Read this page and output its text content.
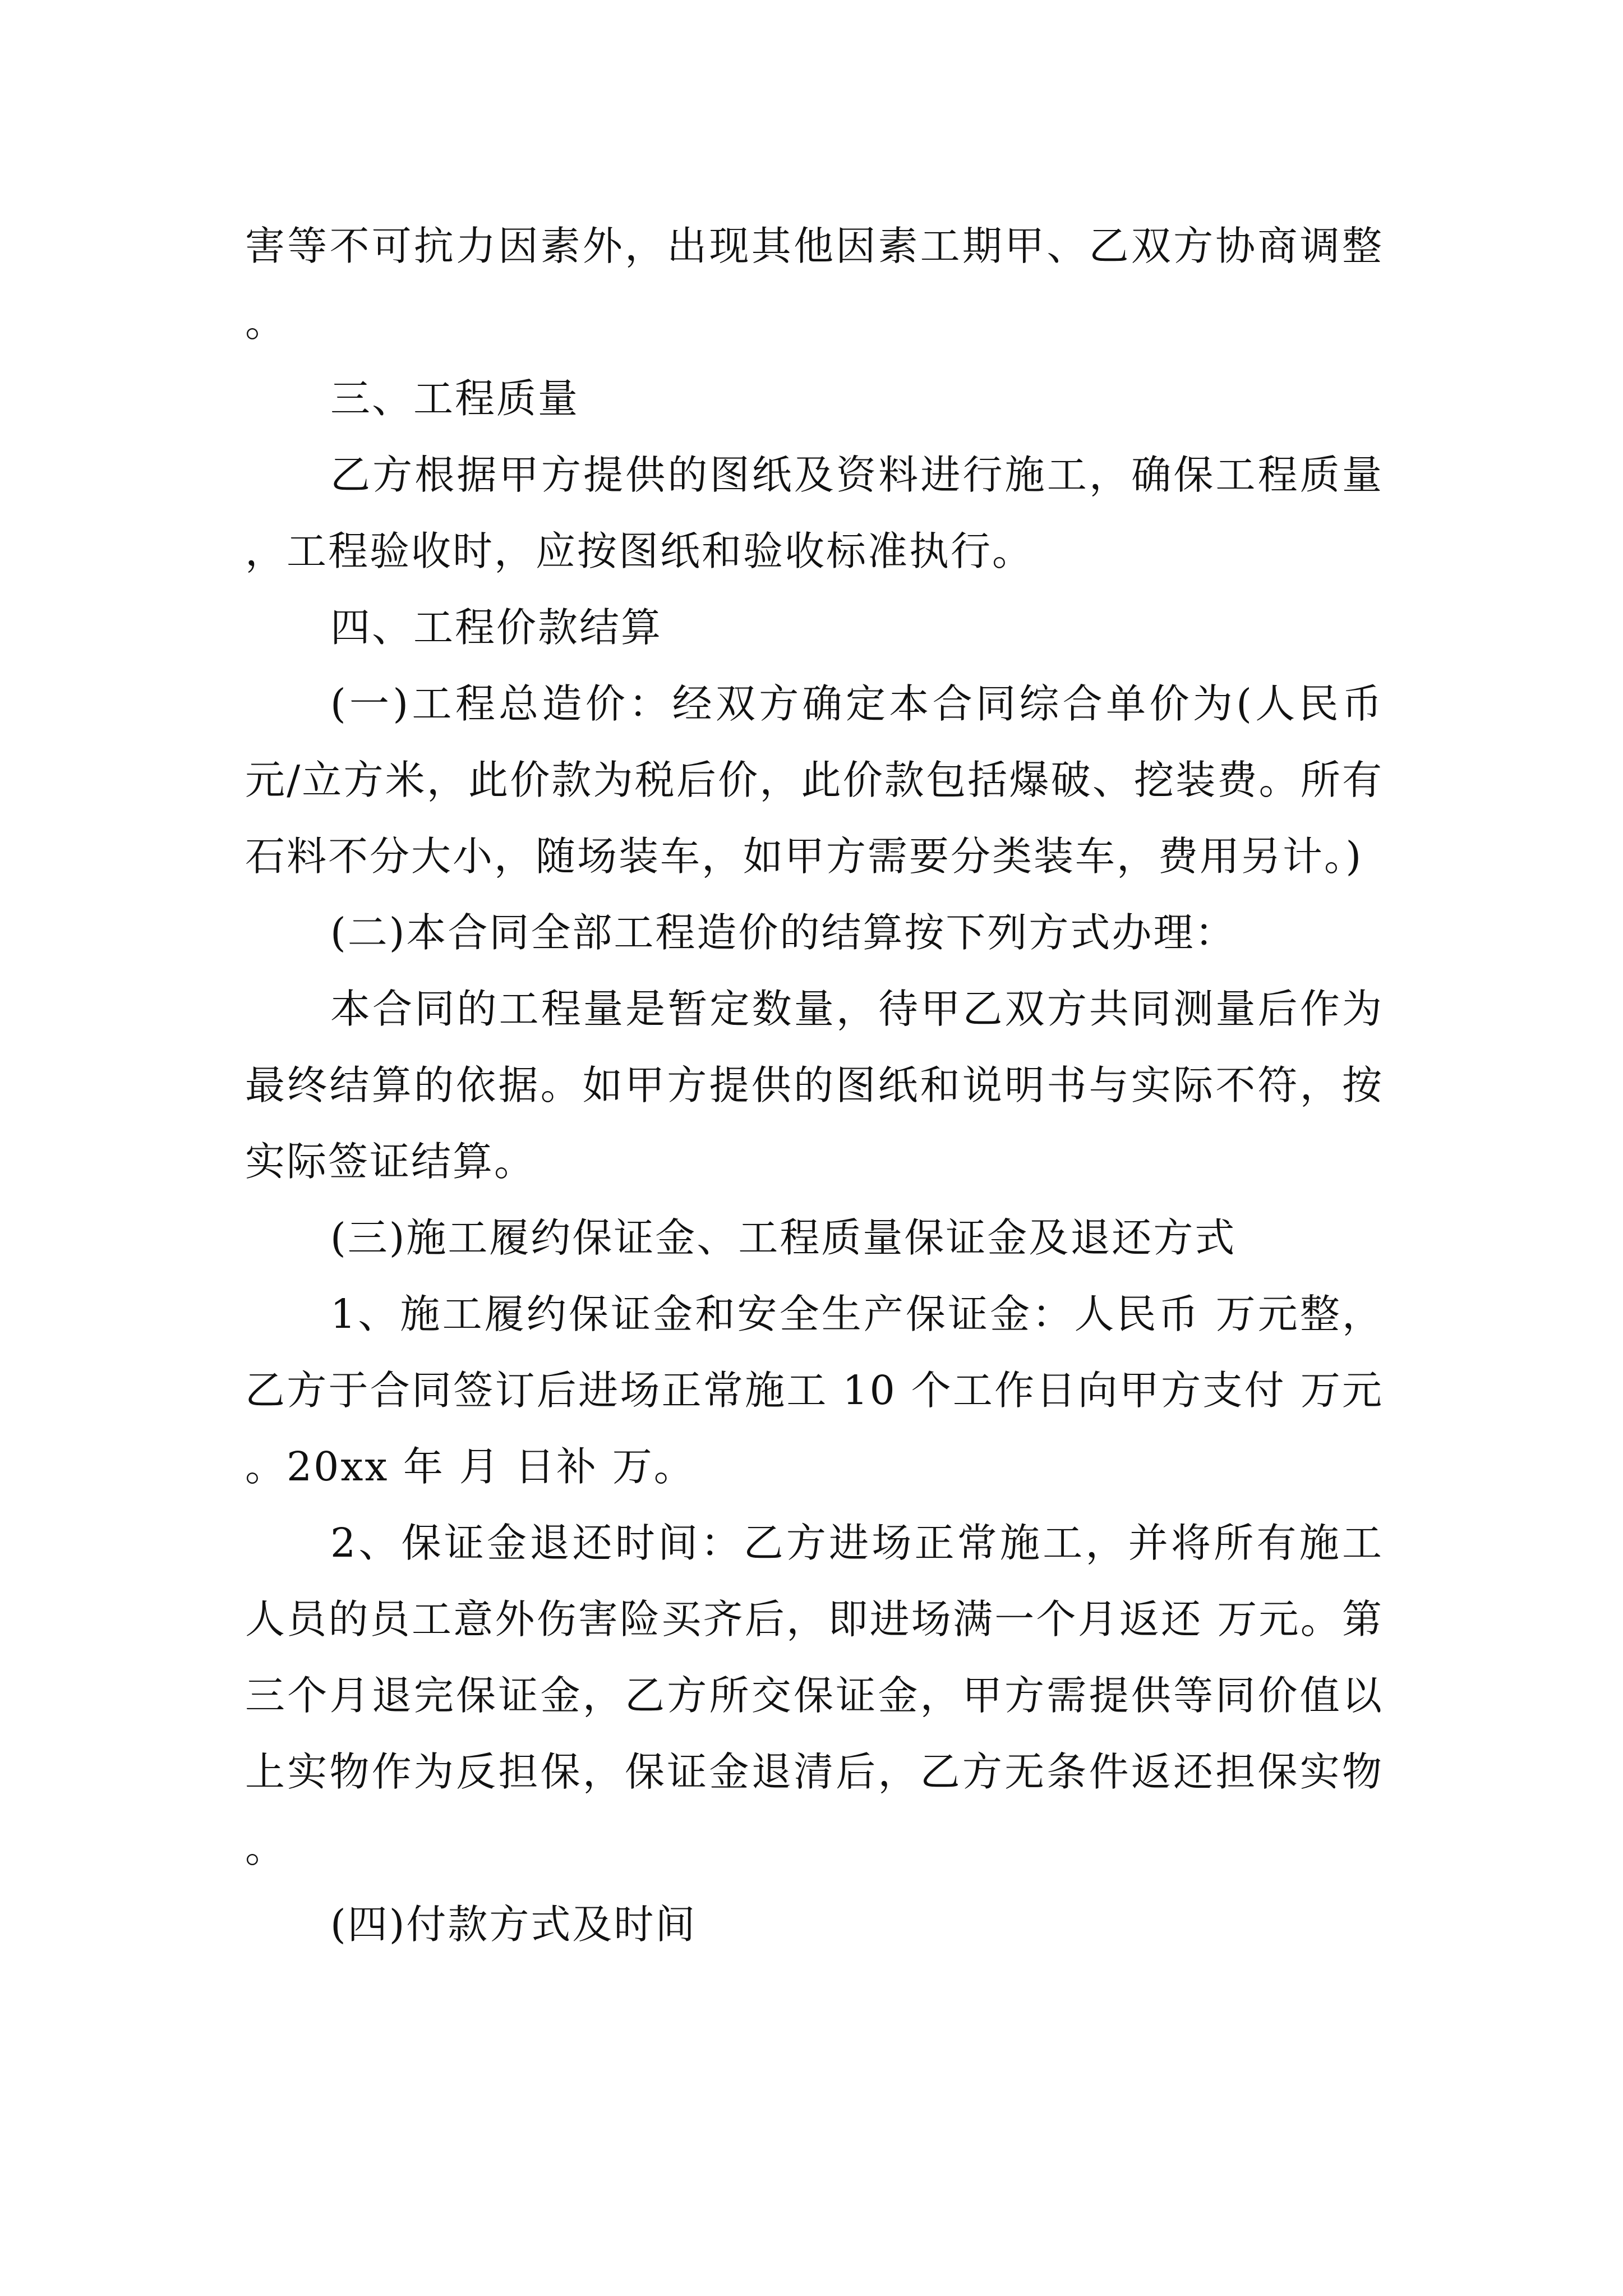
害等不可抗力因素外，出现其他因素工期甲、乙双方协商调整。

三、工程质量

乙方根据甲方提供的图纸及资料进行施工，确保工程质量，工程验收时，应按图纸和验收标准执行。

四、工程价款结算

(一)工程总造价：经双方确定本合同综合单价为(人民币 元/立方米，此价款为税后价，此价款包括爆破、挖装费。所有石料不分大小，随场装车，如甲方需要分类装车，费用另计。)

(二)本合同全部工程造价的结算按下列方式办理：

本合同的工程量是暂定数量，待甲乙双方共同测量后作为最终结算的依据。如甲方提供的图纸和说明书与实际不符，按实际签证结算。

(三)施工履约保证金、工程质量保证金及退还方式

1、施工履约保证金和安全生产保证金：人民币 万元整，乙方于合同签订后进场正常施工 10 个工作日向甲方支付 万元。20xx 年 月 日补 万。

2、保证金退还时间：乙方进场正常施工，并将所有施工人员的员工意外伤害险买齐后，即进场满一个月返还 万元。第三个月退完保证金，乙方所交保证金，甲方需提供等同价值以上实物作为反担保，保证金退清后，乙方无条件返还担保实物。

(四)付款方式及时间
